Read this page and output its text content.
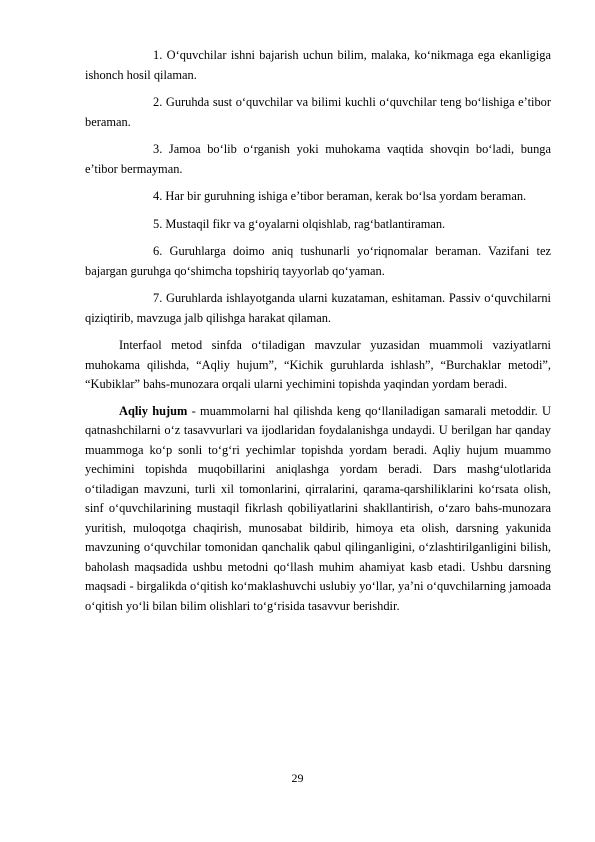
1. O‘quvchilar ishni bajarish uchun bilim, malaka, ko‘nikmaga ega ekanligiga ishonch hosil qilaman.

2. Guruhda sust o‘quvchilar va bilimi kuchli o‘quvchilar teng bo‘lishiga e’tibor beraman.

3. Jamoa bo‘lib o‘rganish yoki muhokama vaqtida shovqin bo‘ladi, bunga e’tibor bermayman.

4. Har bir guruhning ishiga e’tibor beraman, kerak bo‘lsa yordam beraman.

5. Mustaqil fikr va g‘oyalarni olqishlab, rag‘batlantiraman.

6. Guruhlarga doimo aniq tushunarli yo‘riqnomalar beraman. Vazifani tez bajargan guruhga qo‘shimcha topshiriq tayyorlab qo‘yaman.

7. Guruhlarda ishlayotganda ularni kuzataman, eshitaman. Passiv o‘quvchilarni qiziqtirib, mavzuga jalb qilishga harakat qilaman.

Interfaol metod sinfda o‘tiladigan mavzular yuzasidan muammoli vaziyatlarni muhokama qilishda, “Aqliy hujum”, “Kichik guruhlarda ishlash”, “Burchaklar metodi”, “Kubiklar” bahs-munozara orqali ularni yechimini topishda yaqindan yordam beradi.

Aqliy hujum - muammolarni hal qilishda keng qo‘llaniladigan samarali metoddir. U qatnashchilarni o‘z tasavvurlari va ijodlaridan foydalanishga undaydi. U berilgan har qanday muammoga ko‘p sonli to‘g‘ri yechimlar topishda yordam beradi. Aqliy hujum muammo yechimini topishda muqobillarini aniqlashga yordam beradi. Dars mashg‘ulotlarida o‘tiladigan mavzuni, turli xil tomonlarini, qirralarini, qarama-qarshiliklarini ko‘rsata olish, sinf o‘quvchilarining mustaqil fikrlash qobiliyatlarini shakllantirish, o‘zaro bahs-munozara yuritish, muloqotga chaqirish, munosabat bildirib, himoya eta olish, darsning yakunida mavzuning o‘quvchilar tomonidan qanchalik qabul qilinganligini, o‘zlashtirilganligini bilish, baholash maqsadida ushbu metodni qo‘llash muhim ahamiyat kasb etadi. Ushbu darsning maqsadi - birgalikda o‘qitish ko‘maklashuvchi uslubiy yo‘llar, ya’ni o‘quvchilarning jamoada o‘qitish yo‘li bilan bilim olishlari to‘g‘risida tasavvur berishdir.

29
